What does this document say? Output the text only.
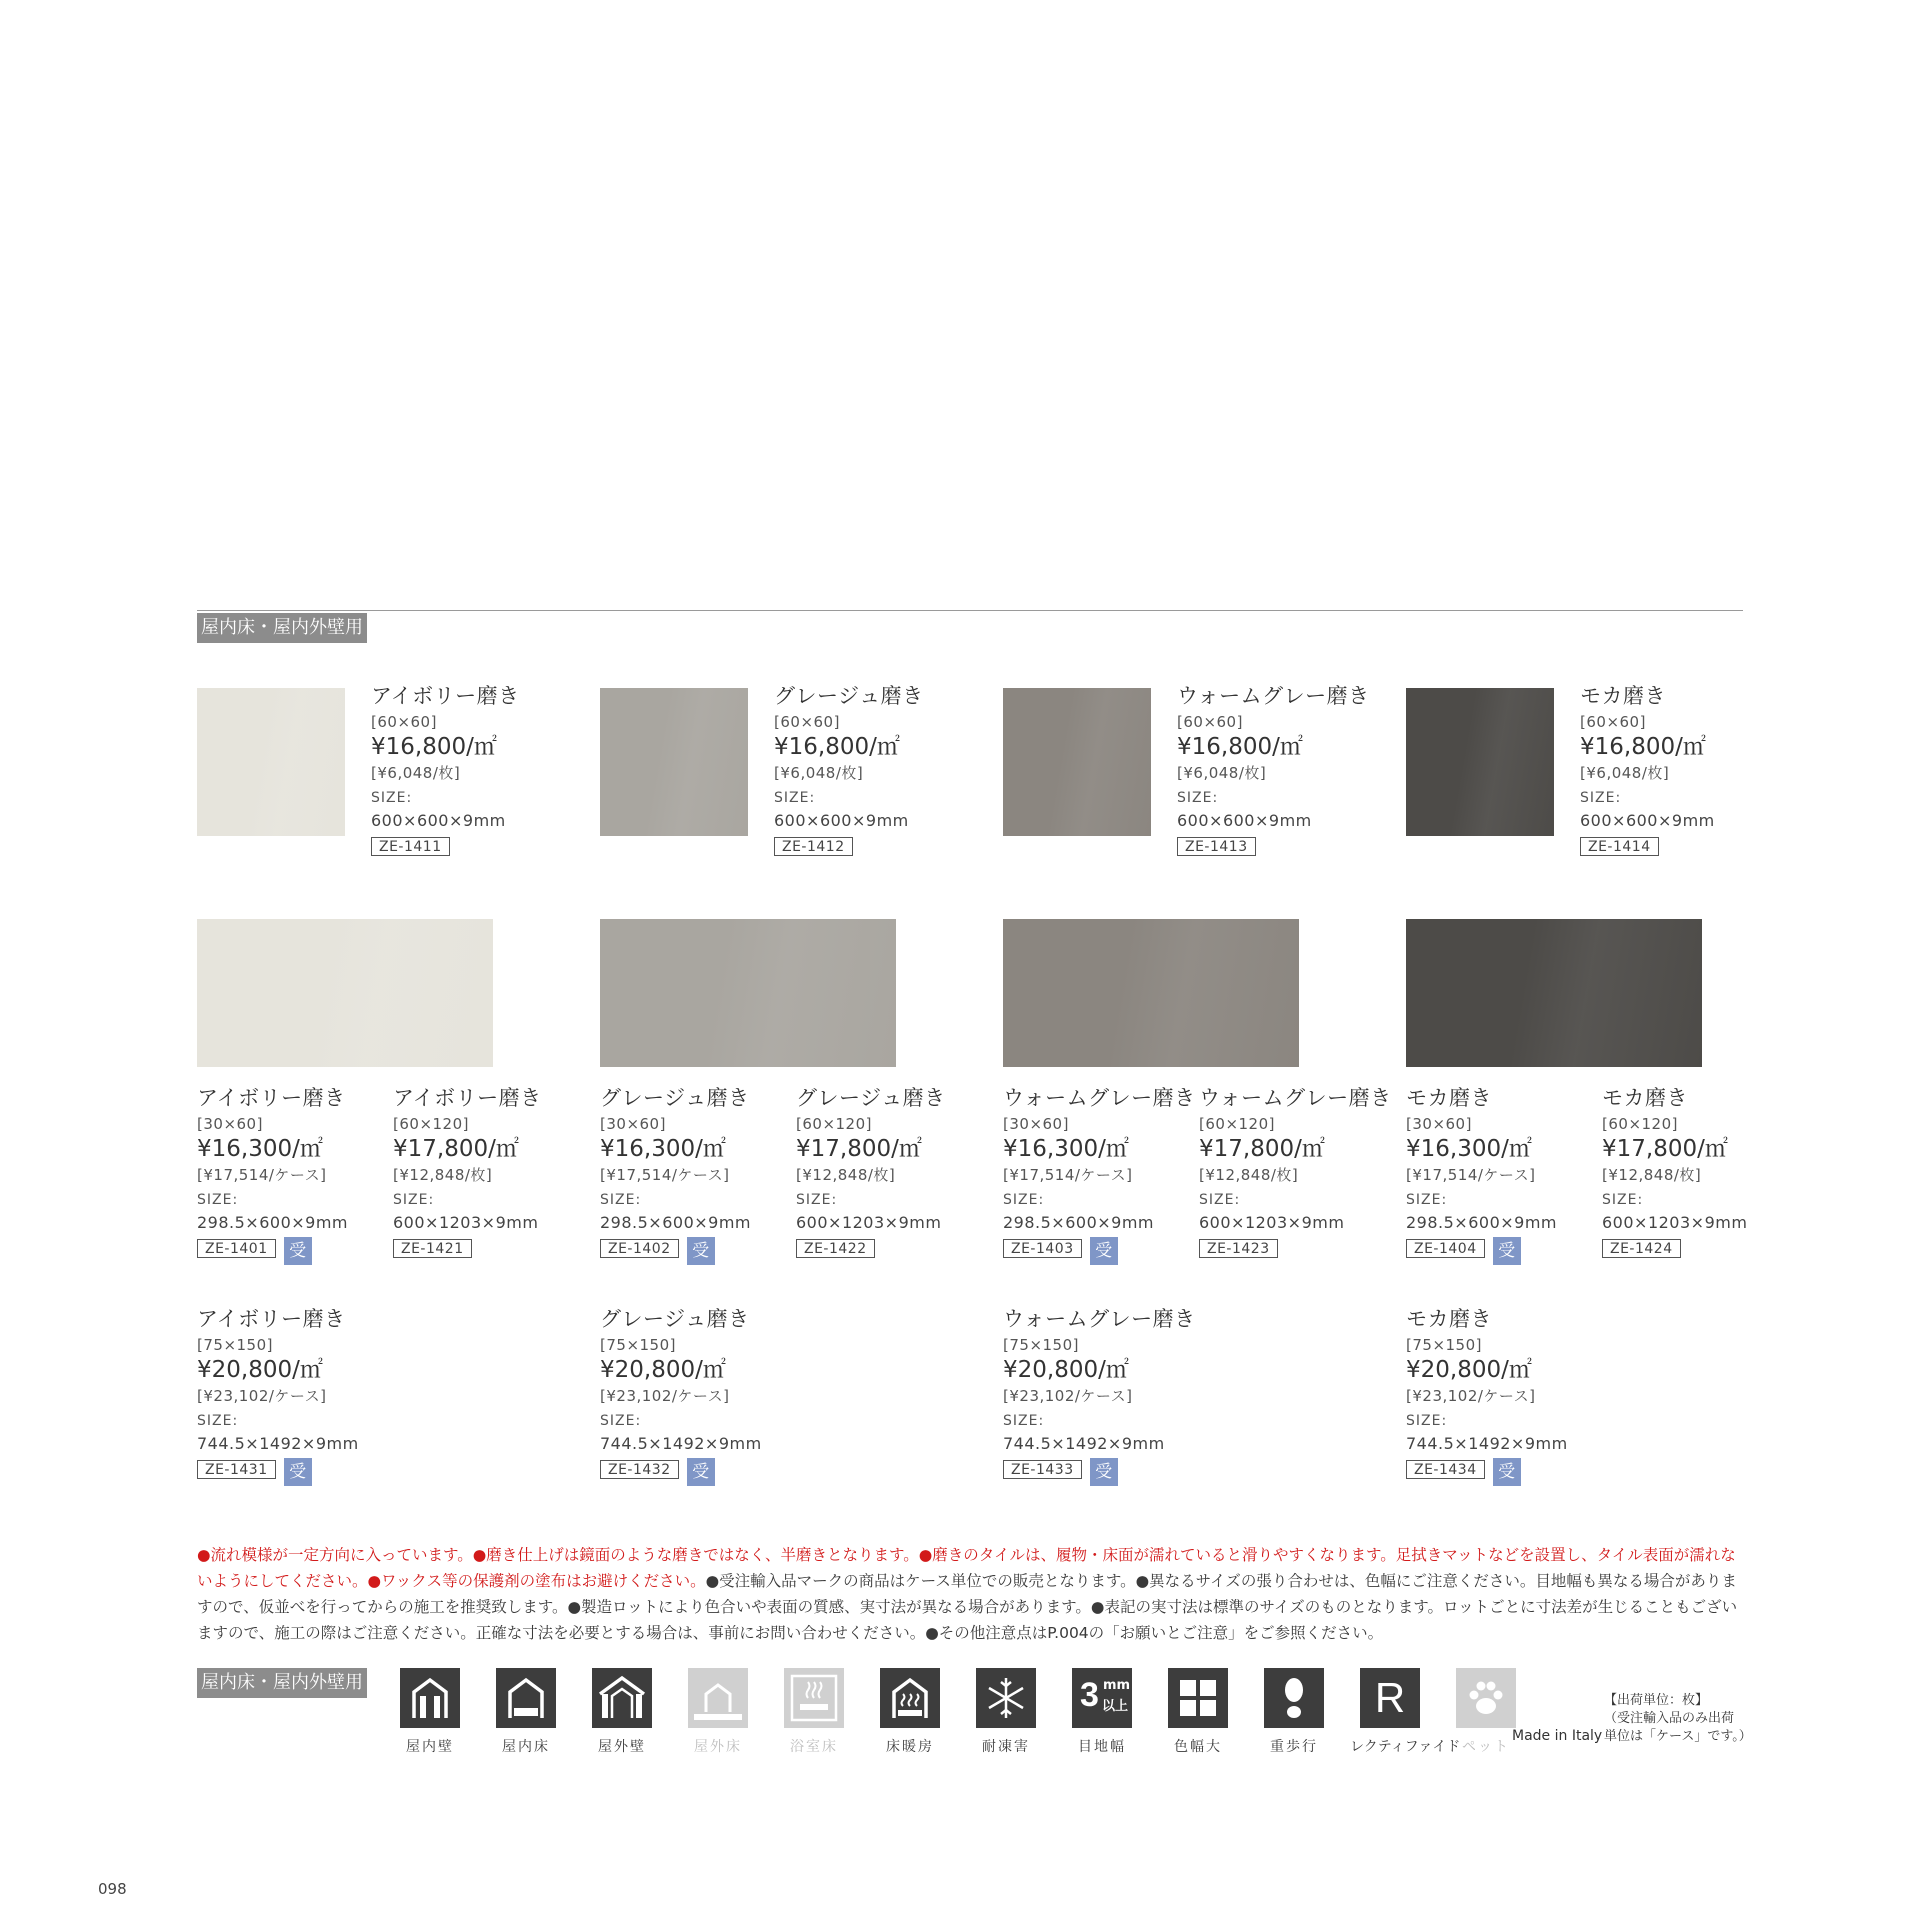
屋内床・屋内外壁用
アイボリー磨き
[60×60]
¥16,800/㎡
[¥6,048/枚]
SIZE:
600×600×9mm
ZE-1411
グレージュ磨き
[60×60]
¥16,800/㎡
[¥6,048/枚]
SIZE:
600×600×9mm
ZE-1412
ウォームグレー磨き
[60×60]
¥16,800/㎡
[¥6,048/枚]
SIZE:
600×600×9mm
ZE-1413
モカ磨き
[60×60]
¥16,800/㎡
[¥6,048/枚]
SIZE:
600×600×9mm
ZE-1414
アイボリー磨き
[30×60]
¥16,300/㎡
[¥17,514/ケース]
SIZE:
298.5×600×9mm
ZE-1401 受
アイボリー磨き
[60×120]
¥17,800/㎡
[¥12,848/枚]
SIZE:
600×1203×9mm
ZE-1421
グレージュ磨き
[30×60]
¥16,300/㎡
[¥17,514/ケース]
SIZE:
298.5×600×9mm
ZE-1402 受
グレージュ磨き
[60×120]
¥17,800/㎡
[¥12,848/枚]
SIZE:
600×1203×9mm
ZE-1422
ウォームグレー磨き
[30×60]
¥16,300/㎡
[¥17,514/ケース]
SIZE:
298.5×600×9mm
ZE-1403 受
ウォームグレー磨き
[60×120]
¥17,800/㎡
[¥12,848/枚]
SIZE:
600×1203×9mm
ZE-1423
モカ磨き
[30×60]
¥16,300/㎡
[¥17,514/ケース]
SIZE:
298.5×600×9mm
ZE-1404 受
モカ磨き
[60×120]
¥17,800/㎡
[¥12,848/枚]
SIZE:
600×1203×9mm
ZE-1424
アイボリー磨き
[75×150]
¥20,800/㎡
[¥23,102/ケース]
SIZE:
744.5×1492×9mm
ZE-1431 受
グレージュ磨き
[75×150]
¥20,800/㎡
[¥23,102/ケース]
SIZE:
744.5×1492×9mm
ZE-1432 受
ウォームグレー磨き
[75×150]
¥20,800/㎡
[¥23,102/ケース]
SIZE:
744.5×1492×9mm
ZE-1433 受
モカ磨き
[75×150]
¥20,800/㎡
[¥23,102/ケース]
SIZE:
744.5×1492×9mm
ZE-1434 受
●流れ模様が一定方向に入っています。●磨き仕上げは鏡面のような磨きではなく、半磨きとなります。●磨きのタイルは、履物・床面が濡れていると滑りやすくなります。足拭きマットなどを設置し、タイル表面が濡れないようにしてください。●ワックス等の保護剤の塗布はお避けください。●受注輸入品マークの商品はケース単位での販売となります。●異なるサイズの張り合わせは、色幅にご注意ください。目地幅も異なる場合がありますので、仮並べを行ってからの施工を推奨致します。●製造ロットにより色合いや表面の質感、実寸法が異なる場合があります。●表記の実寸法は標準のサイズのものとなります。ロットごとに寸法差が生じることもございますので、施工の際はご注意ください。正確な寸法を必要とする場合は、事前にお問い合わせください。●その他注意点はP.004の「お願いとご注意」をご参照ください。
屋内床・屋内外壁用
屋内壁	屋内床	屋外壁	屋外床	浴室床	床暖房	耐凍害
3 mm
以上
目地幅	色幅大	重歩行
R
レクティファイド ペット
Made in Italy
【出荷単位：枚】
（受注輸入品のみ出荷
単位は「ケース」です。）
098
